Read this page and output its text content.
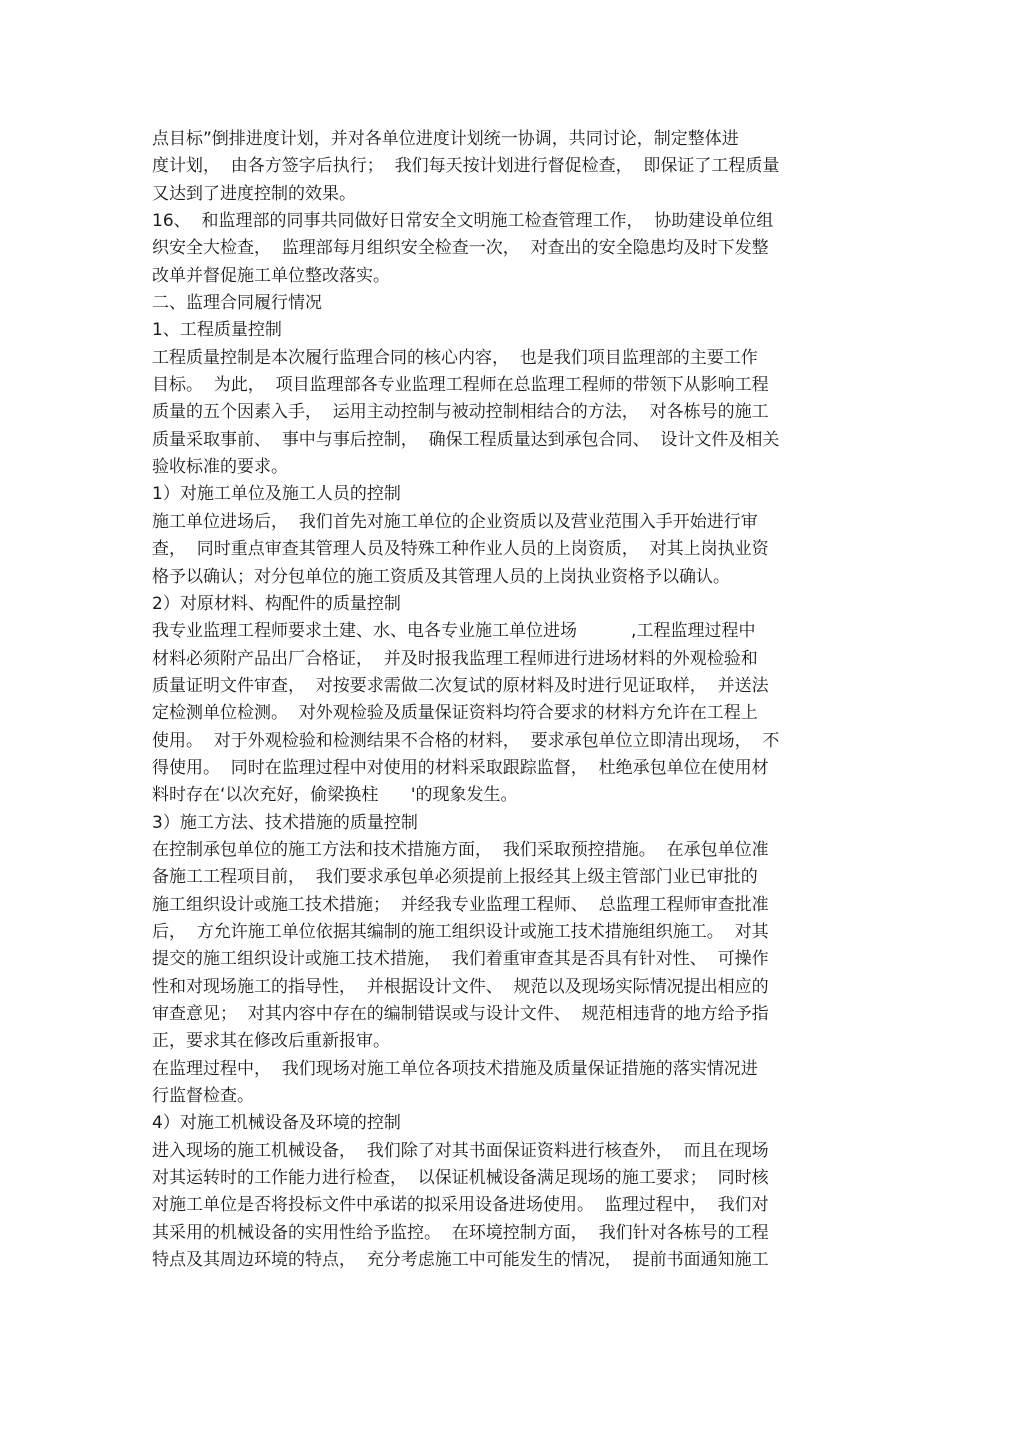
点目标”倒排进度计划，并对各单位进度计划统一协调，共同讨论，制定整体进
度计划，  由各方签字后执行；  我们每天按计划进行督促检查，  即保证了工程质量
又达到了进度控制的效果。
16、  和监理部的同事共同做好日常安全文明施工检查管理工作，  协助建设单位组
织安全大检查，  监理部每月组织安全检查一次，  对查出的安全隐患均及时下发整
改单并督促施工单位整改落实。
二、监理合同履行情况
1、工程质量控制
工程质量控制是本次履行监理合同的核心内容，  也是我们项目监理部的主要工作
目标。  为此，  项目监理部各专业监理工程师在总监理工程师的带领下从影响工程
质量的五个因素入手，  运用主动控制与被动控制相结合的方法，  对各栋号的施工
质量采取事前、  事中与事后控制，  确保工程质量达到承包合同、  设计文件及相关
验收标准的要求。
1）对施工单位及施工人员的控制
施工单位进场后，  我们首先对施工单位的企业资质以及营业范围入手开始进行审
查，  同时重点审查其管理人员及特殊工种作业人员的上岗资质，  对其上岗执业资
格予以确认；对分包单位的施工资质及其管理人员的上岗执业资格予以确认。
2）对原材料、构配件的质量控制
我专业监理工程师要求土建、水、电各专业施工单位进场          ,工程监理过程中
材料必须附产品出厂合格证，  并及时报我监理工程师进行进场材料的外观检验和
质量证明文件审查，  对按要求需做二次复试的原材料及时进行见证取样，  并送法
定检测单位检测。  对外观检验及质量保证资料均符合要求的材料方允许在工程上
使用。  对于外观检验和检测结果不合格的材料，  要求承包单位立即清出现场，  不
得使用。  同时在监理过程中对使用的材料采取跟踪监督，  杜绝承包单位在使用材
料时存在‘以次充好，偷梁换柱      '的现象发生。
3）施工方法、技术措施的质量控制
在控制承包单位的施工方法和技术措施方面，  我们采取预控措施。  在承包单位准
备施工工程项目前，  我们要求承包单必须提前上报经其上级主管部门业已审批的
施工组织设计或施工技术措施；  并经我专业监理工程师、  总监理工程师审查批准
后，  方允许施工单位依据其编制的施工组织设计或施工技术措施组织施工。  对其
提交的施工组织设计或施工技术措施，  我们着重审查其是否具有针对性、  可操作
性和对现场施工的指导性，  并根据设计文件、  规范以及现场实际情况提出相应的
审查意见；  对其内容中存在的编制错误或与设计文件、  规范相违背的地方给予指
正，要求其在修改后重新报审。
在监理过程中，  我们现场对施工单位各项技术措施及质量保证措施的落实情况进
行监督检查。
4）对施工机械设备及环境的控制
进入现场的施工机械设备，  我们除了对其书面保证资料进行核查外，  而且在现场
对其运转时的工作能力进行检查，  以保证机械设备满足现场的施工要求；  同时核
对施工单位是否将投标文件中承诺的拟采用设备进场使用。  监理过程中，  我们对
其采用的机械设备的实用性给予监控。  在环境控制方面，  我们针对各栋号的工程
特点及其周边环境的特点，  充分考虑施工中可能发生的情况，  提前书面通知施工
